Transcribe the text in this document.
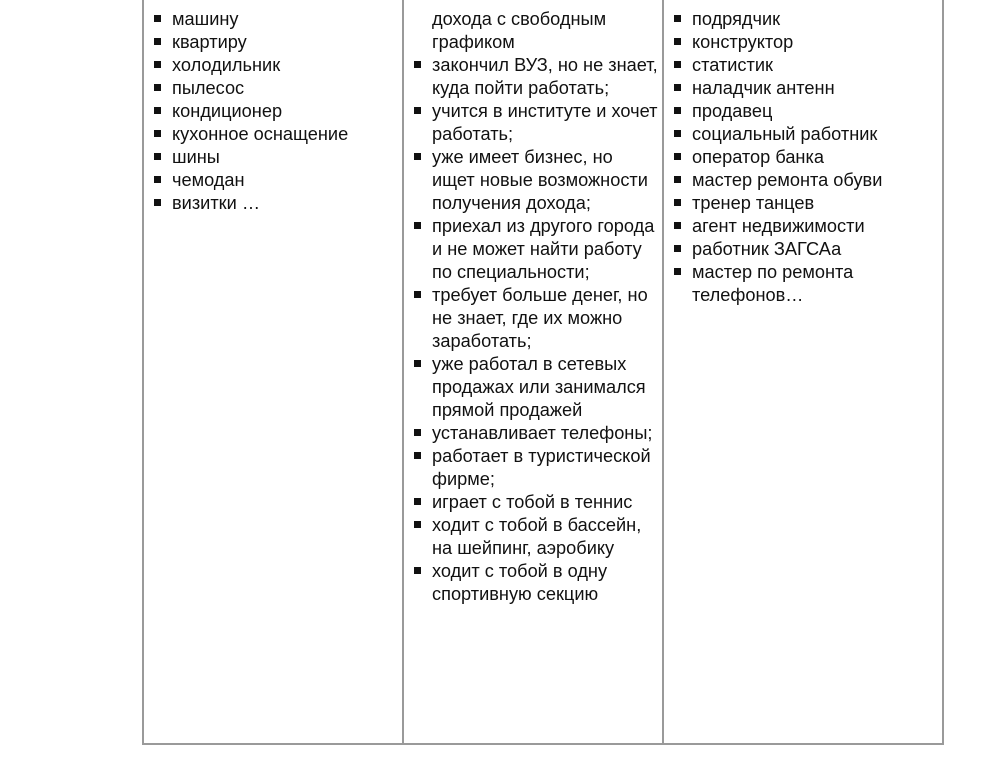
машину
квартиру
холодильник
пылесос
кондиционер
кухонное оснащение
шины
чемодан
визитки …

дохода с свободным графиком
закончил ВУЗ, но не знает, куда пойти работать;
учится в институте и хочет работать;
уже имеет бизнес, но ищет новые возможности получения дохода;
приехал из другого города и не может найти работу по специальности;
требует больше денег, но не знает, где их можно заработать;
уже работал в сетевых продажах или занимался прямой продажей
устанавливает телефоны;
работает в туристической фирме;
играет с тобой в теннис
ходит с тобой в бассейн, на шейпинг, аэробику
ходит с тобой в одну спортивную секцию

подрядчик
конструктор
статистик
наладчик антенн
продавец
социальный работник
оператор банка
мастер ремонта обуви
тренер танцев
агент недвижимости
работник ЗАГСАа
мастер по ремонта телефонов…
